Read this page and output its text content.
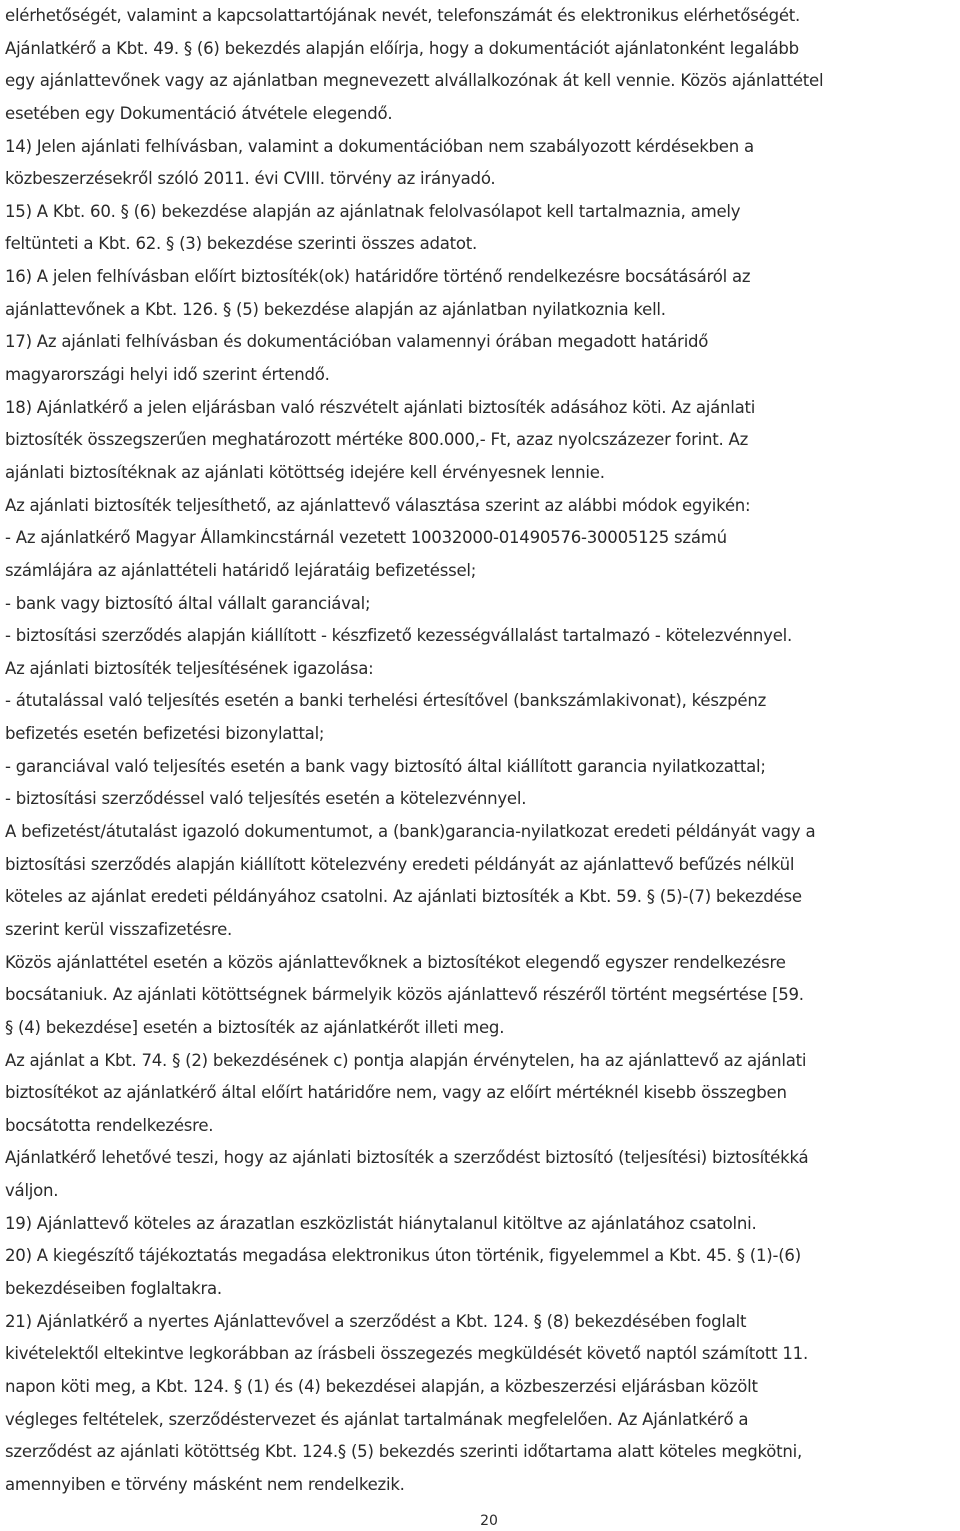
elérhetőségét, valamint a kapcsolattartójának nevét, telefonszámát és elektronikus elérhetőségét.
Ajánlatkérő a Kbt. 49. § (6) bekezdés alapján előírja, hogy a dokumentációt ajánlatonként legalább
egy ajánlattevőnek vagy az ajánlatban megnevezett alvállalkozónak át kell vennie. Közös ajánlattétel
esetében egy Dokumentáció átvétele elegendő.
14) Jelen ajánlati felhívásban, valamint a dokumentációban nem szabályozott kérdésekben a
közbeszerzésekről szóló 2011. évi CVIII. törvény az irányadó.
15) A Kbt. 60. § (6) bekezdése alapján az ajánlatnak felolvasólapot kell tartalmaznia, amely
feltünteti a Kbt. 62. § (3) bekezdése szerinti összes adatot.
16) A jelen felhívásban előírt biztosíték(ok) határidőre történő rendelkezésre bocsátásáról az
ajánlattevőnek a Kbt. 126. § (5) bekezdése alapján az ajánlatban nyilatkoznia kell.
17) Az ajánlati felhívásban és dokumentációban valamennyi órában megadott határidő
magyarországi helyi idő szerint értendő.
18) Ajánlatkérő a jelen eljárásban való részvételt ajánlati biztosíték adásához köti. Az ajánlati
biztosíték összegszerűen meghatározott mértéke 800.000,- Ft, azaz nyolcszázezer forint. Az
ajánlati biztosítéknak az ajánlati kötöttség idejére kell érvényesnek lennie.
Az ajánlati biztosíték teljesíthető, az ajánlattevő választása szerint az alábbi módok egyikén:
- Az ajánlatkérő Magyar Államkincstárnál vezetett 10032000-01490576-30005125 számú
számlájára az ajánlattételi határidő lejáratáig befizetéssel;
- bank vagy biztosító által vállalt garanciával;
- biztosítási szerződés alapján kiállított - készfizető kezességvállalást tartalmazó - kötelezvénnyel.
Az ajánlati biztosíték teljesítésének igazolása:
- átutalással való teljesítés esetén a banki terhelési értesítővel (bankszámlakivonat), készpénz
befizetés esetén befizetési bizonylattal;
- garanciával való teljesítés esetén a bank vagy biztosító által kiállított garancia nyilatkozattal;
- biztosítási szerződéssel való teljesítés esetén a kötelezvénnyel.
A befizetést/átutalást igazoló dokumentumot, a (bank)garancia-nyilatkozat eredeti példányát vagy a
biztosítási szerződés alapján kiállított kötelezvény eredeti példányát az ajánlattevő befűzés nélkül
köteles az ajánlat eredeti példányához csatolni. Az ajánlati biztosíték a Kbt. 59. § (5)-(7) bekezdése
szerint kerül visszafizetésre.
Közös ajánlattétel esetén a közös ajánlattevőknek a biztosítékot elegendő egyszer rendelkezésre
bocsátaniuk. Az ajánlati kötöttségnek bármelyik közös ajánlattevő részéről történt megsértése [59.
§ (4) bekezdése] esetén a biztosíték az ajánlatkérőt illeti meg.
Az ajánlat a Kbt. 74. § (2) bekezdésének c) pontja alapján érvénytelen, ha az ajánlattevő az ajánlati
biztosítékot az ajánlatkérő által előírt határidőre nem, vagy az előírt mértéknél kisebb összegben
bocsátotta rendelkezésre.
Ajánlatkérő lehetővé teszi, hogy az ajánlati biztosíték a szerződést biztosító (teljesítési) biztosítékká
váljon.
19) Ajánlattevő köteles az árazatlan eszközlistát hiánytalanul kitöltve az ajánlatához csatolni.
20) A kiegészítő tájékoztatás megadása elektronikus úton történik, figyelemmel a Kbt. 45. § (1)-(6)
bekezdéseiben foglaltakra.
21) Ajánlatkérő a nyertes Ajánlattevővel a szerződést a Kbt. 124. § (8) bekezdésében foglalt
kivételektől eltekintve legkorábban az írásbeli összegezés megküldését követő naptól számított 11.
napon köti meg, a Kbt. 124. § (1) és (4) bekezdései alapján, a közbeszerzési eljárásban közölt
végleges feltételek, szerződéstervezet és ajánlat tartalmának megfelelően. Az Ajánlatkérő a
szerződést az ajánlati kötöttség Kbt. 124.§ (5) bekezdés szerinti időtartama alatt köteles megkötni,
amennyiben e törvény másként nem rendelkezik.
20
